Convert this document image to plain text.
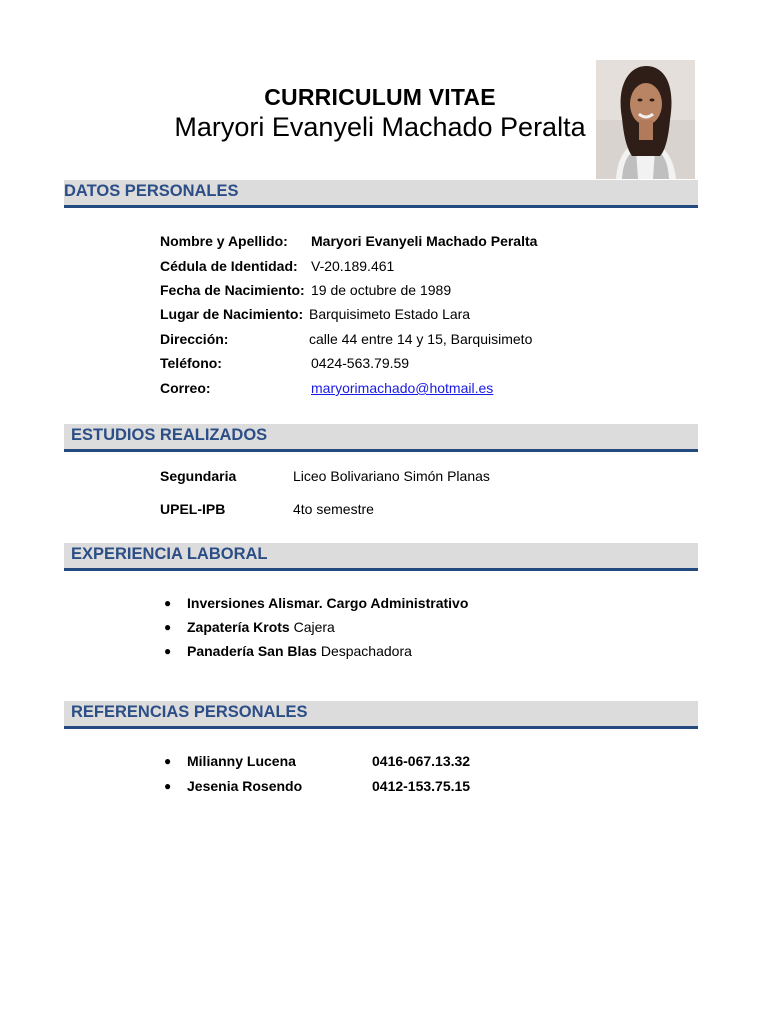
CURRICULUM VITAE
Maryori Evanyeli Machado Peralta
DATOS PERSONALES
Nombre y Apellido: Maryori Evanyeli Machado Peralta
Cédula de Identidad: V-20.189.461
Fecha de Nacimiento: 19 de octubre de 1989
Lugar de Nacimiento: Barquisimeto Estado Lara
Dirección:	calle 44 entre 14 y 15, Barquisimeto
Teléfono:	0424-563.79.59
Correo:	maryorimachado@hotmail.es
ESTUDIOS REALIZADOS
Segundaria	Liceo Bolivariano Simón Planas
UPEL-IPB	4to semestre
EXPERIENCIA LABORAL
● Inversiones Alismar. Cargo Administrativo
● Zapatería Krots Cajera
● Panadería San Blas Despachadora
REFERENCIAS PERSONALES
● Milianny Lucena	0416-067.13.32
● Jesenia Rosendo	0412-153.75.15
